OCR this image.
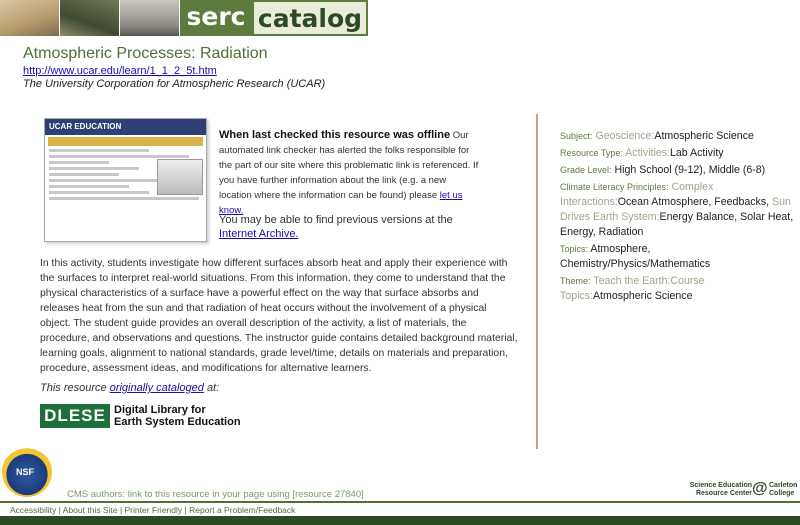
serc catalog
Atmospheric Processes: Radiation
http://www.ucar.edu/learn/1_1_2_5t.htm
The University Corporation for Atmospheric Research (UCAR)
UCAR EDUCATION
When last checked this resource was offline Our automated link checker has alerted the folks responsible for the part of our site where this problematic link is referenced. If you have further information about the link (e.g. a new location where the information can be found) please let us know.
You may be able to find previous versions at the Internet Archive.
In this activity, students investigate how different surfaces absorb heat and apply their experience with the surfaces to interpret real-world situations. From this information, they come to understand that the physical characteristics of a surface have a powerful effect on the way that surface absorbs and releases heat from the sun and that radiation of heat occurs without the involvement of a physical object. The student guide provides an overall description of the activity, a list of materials, the procedure, and observations and questions. The instructor guide contains detailed background material, learning goals, alignment to national standards, grade level/time, details on materials and preparation, procedure, assessment ideas, and modifications for alternative learners.
This resource originally cataloged at:
DLESE Digital Library for
Earth System Education
Subject: Geoscience:Atmospheric Science
Resource Type: Activities:Lab Activity
Grade Level: High School (9-12), Middle (6-8)
Climate Literacy Principles: Complex Interactions:Ocean Atmosphere, Feedbacks, Sun Drives Earth System:Energy Balance, Solar Heat, Energy, Radiation
Topics: Atmosphere, Chemistry/Physics/Mathematics
Theme: Teach the Earth:Course Topics:Atmospheric Science
NSF
CMS authors: link to this resource in your page using [resource 27840]
Science Education
Resource Center @ Carleton
College
Accessibility | About this Site | Printer Friendly | Report a Problem/Feedback
